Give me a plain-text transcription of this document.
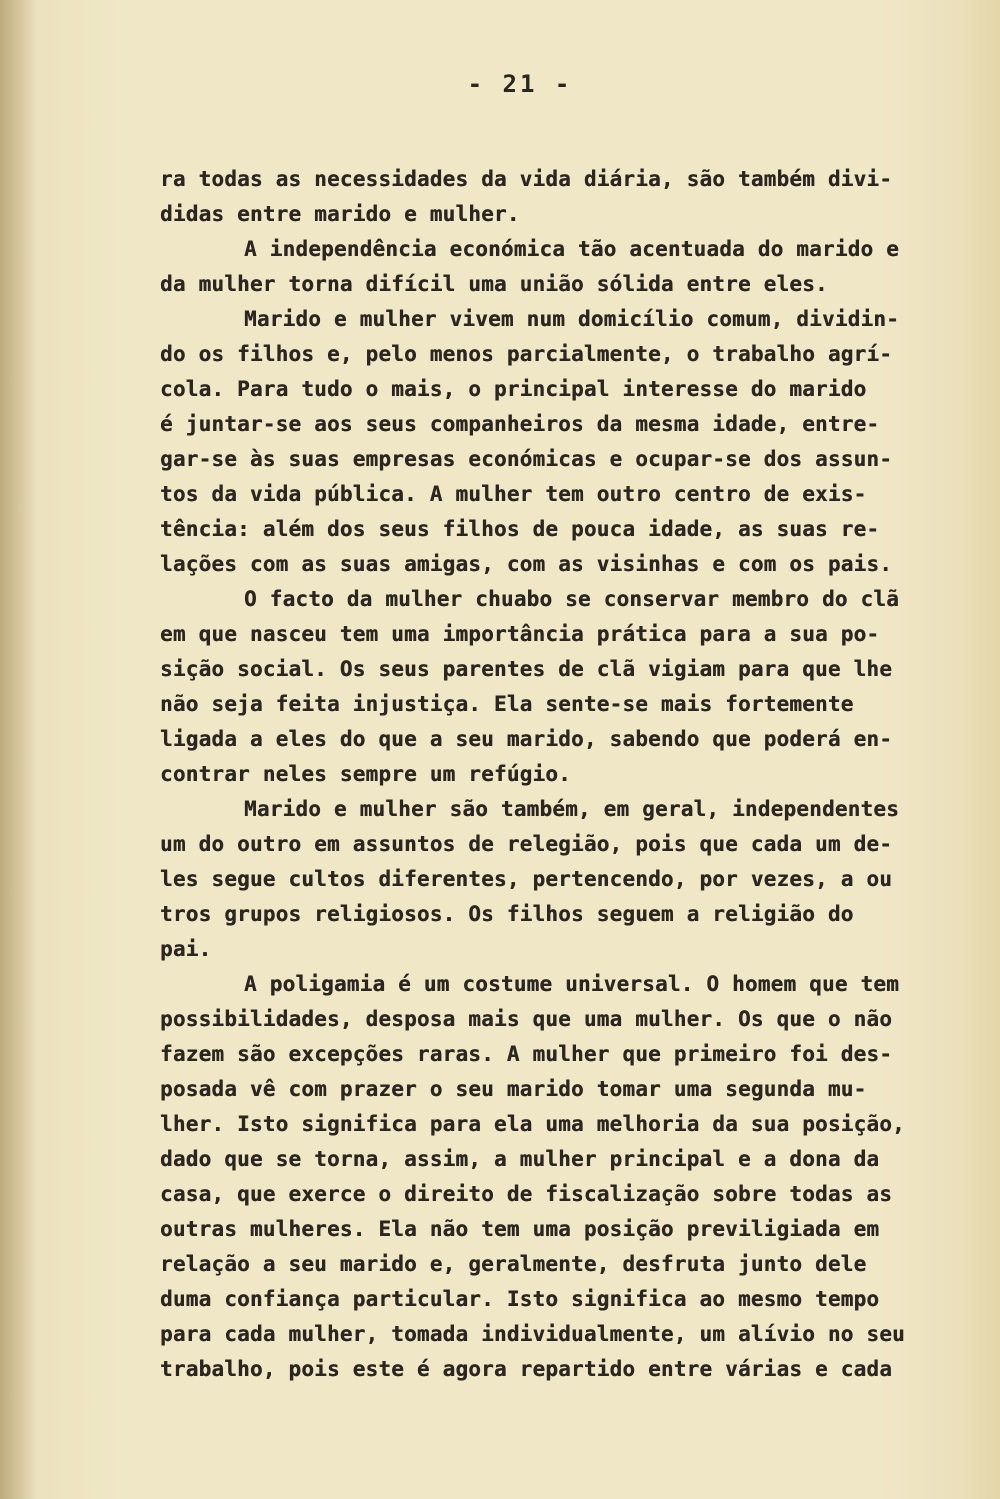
- 21 -
ra todas as necessidades da vida diária, são também divi-
didas entre marido e mulher.
A independência económica tão acentuada do marido e
da mulher torna difícil uma união sólida entre eles.
Marido e mulher vivem num domicílio comum, dividin-
do os filhos e, pelo menos parcialmente, o trabalho agrí-
cola. Para tudo o mais, o principal interesse do marido
é juntar-se aos seus companheiros da mesma idade, entre-
gar-se às suas empresas económicas e ocupar-se dos assun-
tos da vida pública. A mulher tem outro centro de exis-
tência: além dos seus filhos de pouca idade, as suas re-
lações com as suas amigas, com as visinhas e com os pais.
O facto da mulher chuabo se conservar membro do clã
em que nasceu tem uma importância prática para a sua po-
sição social. Os seus parentes de clã vigiam para que lhe
não seja feita injustiça. Ela sente-se mais fortemente
ligada a eles do que a seu marido, sabendo que poderá en-
contrar neles sempre um refúgio.
Marido e mulher são também, em geral, independentes
um do outro em assuntos de relegião, pois que cada um de-
les segue cultos diferentes, pertencendo, por vezes, a ou
tros grupos religiosos. Os filhos seguem a religião do
pai.
A poligamia é um costume universal. O homem que tem
possibilidades, desposa mais que uma mulher. Os que o não
fazem são excepções raras. A mulher que primeiro foi des-
posada vê com prazer o seu marido tomar uma segunda mu-
lher. Isto significa para ela uma melhoria da sua posição,
dado que se torna, assim, a mulher principal e a dona da
casa, que exerce o direito de fiscalização sobre todas as
outras mulheres. Ela não tem uma posição previligiada em
relação a seu marido e, geralmente, desfruta junto dele
duma confiança particular. Isto significa ao mesmo tempo
para cada mulher, tomada individualmente, um alívio no seu
trabalho, pois este é agora repartido entre várias e cada
